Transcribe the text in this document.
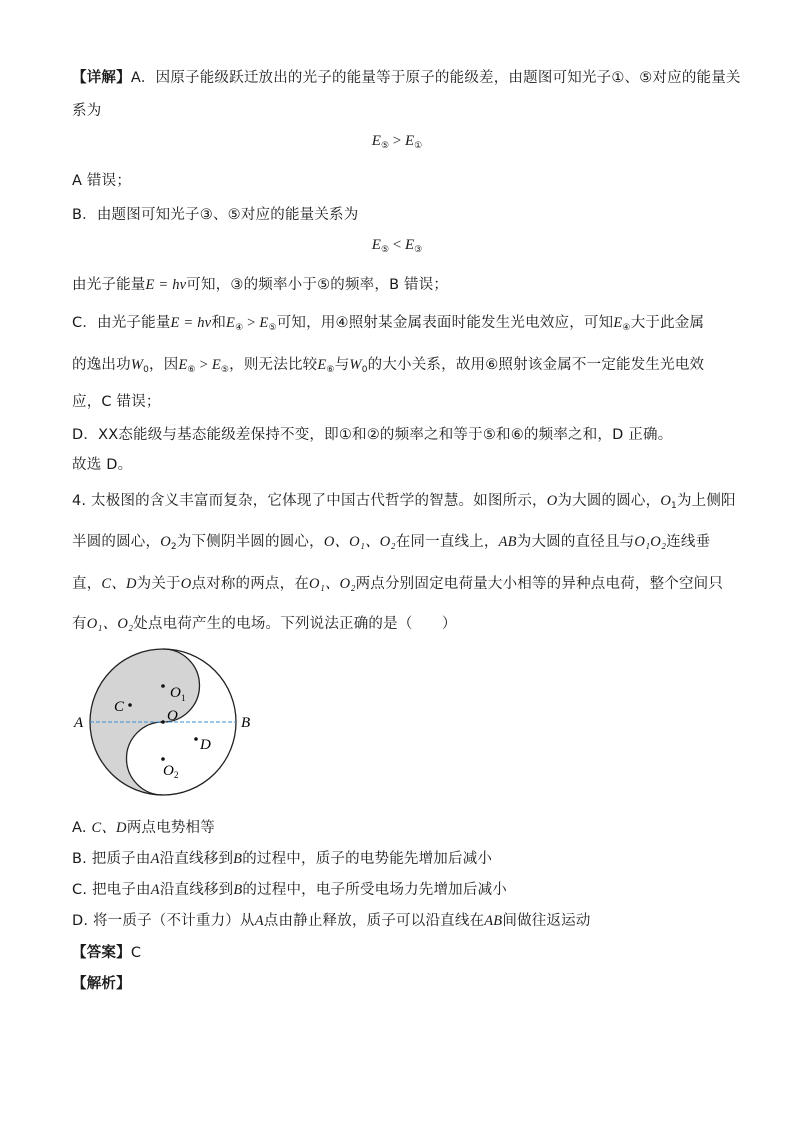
【详解】A．因原子能级跃迁放出的光子的能量等于原子的能级差，由题图可知光子①、⑤对应的能量关
系为
$E_⑤ > E_①$
A 错误；
B．由题图可知光子③、⑤对应的能量关系为
$E_⑤ < E_③$
由光子能量E = hν可知，③的频率小于⑤的频率，B 错误；
C．由光子能量E = hν和$E_④ > E_⑤$可知，用④照射某金属表面时能发生光电效应，可知$E_④$大于此金属
的逸出功$W_0$，因$E_⑥ > E_⑤$，则无法比较$E_⑥$与$W_0$的大小关系，故用⑥照射该金属不一定能发生光电效
应，C 错误；
D．XX态能级与基态能级差保持不变，即①和②的频率之和等于⑤和⑥的频率之和，D 正确。
故选 D。
4. 太极图的含义丰富而复杂，它体现了中国古代哲学的智慧。如图所示，O为大圆的圆心，$O_1$为上侧阳
半圆的圆心，$O_2$为下侧阴半圆的圆心，O、O₁、O₂在同一直线上，AB为大圆的直径且与O₁O₂连线垂
直，C、D为关于O点对称的两点，在O₁、O₂两点分别固定电荷量大小相等的异种点电荷，整个空间只
有O₁、O₂处点电荷产生的电场。下列说法正确的是（　　）
A	B
C
D
O
O 1
O 2
A. C、D两点电势相等
B. 把质子由A沿直线移到B的过程中，质子的电势能先增加后减小
C. 把电子由A沿直线移到B的过程中，电子所受电场力先增加后减小
D. 将一质子（不计重力）从A点由静止释放，质子可以沿直线在AB间做往返运动
【答案】C
【解析】
